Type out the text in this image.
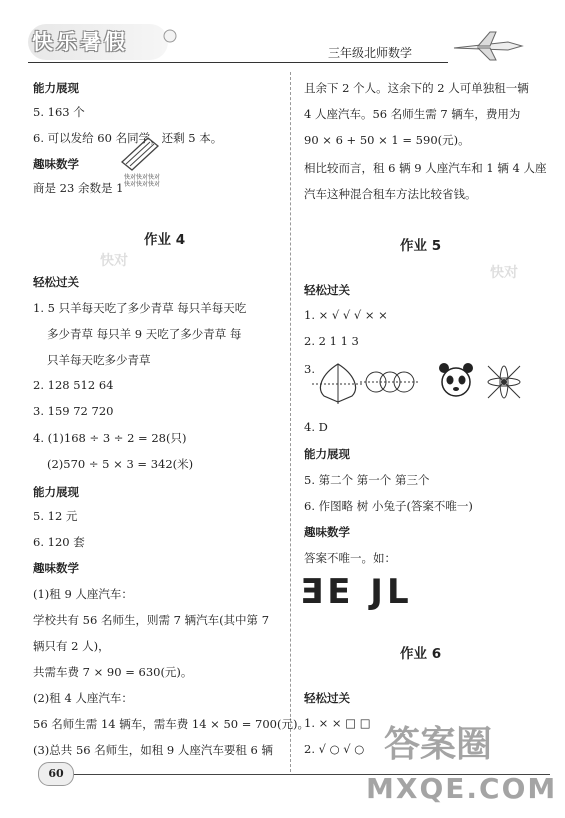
快乐暑假	三年级北师数学
能力展现
5. 163 个
6. 可以发给 60 名同学，还剩 5 本。
趣味数学
商是 23 余数是 1
快对快对快对快对快对快对
作业 4
快对
轻松过关
1. 5 只羊每天吃了多少青草 每只羊每天吃
多少青草 每只羊 9 天吃了多少青草 每
只羊每天吃多少青草
2. 128 512 64
3. 159 72 720
4. (1)168 ÷ 3 ÷ 2 = 28(只)
(2)570 ÷ 5 × 3 = 342(米)
能力展现
5. 12 元
6. 120 套
趣味数学
(1)租 9 人座汽车：
学校共有 56 名师生，则需 7 辆汽车(其中第 7
辆只有 2 人)，
共需车费 7 × 90 = 630(元)。
(2)租 4 人座汽车：
56 名师生需 14 辆车，需车费 14 × 50 = 700(元)。
(3)总共 56 名师生，如租 9 人座汽车要租 6 辆
且余下 2 个人。这余下的 2 人可单独租一辆
4 人座汽车。56 名师生需 7 辆车，费用为
90 × 6 + 50 × 1 = 590(元)。
相比较而言，租 6 辆 9 人座汽车和 1 辆 4 人座
汽车这种混合租车方法比较省钱。
作业 5
快对
轻松过关
1. × √ √ √ × ×
2. 2 1 1 3
3.
4. D
能力展现
5. 第二个 第一个 第三个
6. 作图略 树 小兔子(答案不唯一)
趣味数学
答案不唯一。如：
ƎE JL
作业 6
轻松过关
1. × × □ □
2. √ ○ √ ○ 答案圈
MXQE.COM
60
